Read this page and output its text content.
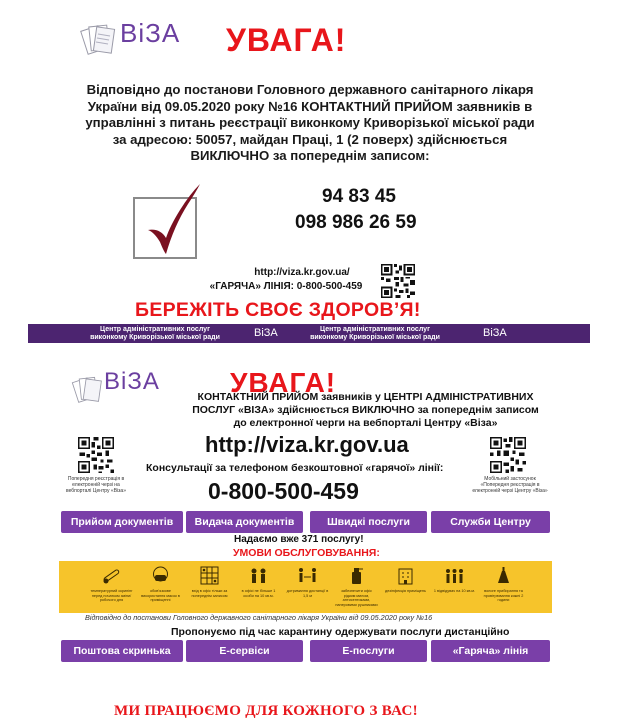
ВіЗА УВАГА!
Відповідно до постанови Головного державного санітарного лікаря
України від 09.05.2020 року №16 КОНТАКТНИЙ ПРИЙОМ заявників в
управлінні з питань реєстрації виконкому Криворізької міської ради
за адресою: 50057, майдан Праці, 1 (2 поверх) здійснюється
ВИКЛЮЧНО за попереднім записом:
94 83 45
098 986 26 59
http://viza.kr.gov.ua/
«ГАРЯЧА» ЛІНІЯ: 0-800-500-459
БЕРЕЖІТЬ СВОЄ ЗДОРОВ’Я!
Центр адміністративних послуг
виконкому Криворізької міської ради	ВіЗА	Центр адміністративних послуг
виконкому Криворізької міської ради	ВіЗА
ВіЗА	УВАГА!
КОНТАКТНИЙ ПРИЙОМ заявників у ЦЕНТРІ АДМІНІСТРАТИВНИХ
ПОСЛУГ «ВІЗА» здійснюється ВИКЛЮЧНО за попереднім записом
до електронної черги на вебпорталі Центру «Віза»
Попередня реєстрація в електронній черзі на вебпорталі Центру «Віза»
Мобільний застосунок «Попередня реєстрація в електронній черзі Центру «Віза»
http://viza.kr.gov.ua
Консультації за телефоном безкоштовної «гарячої» лінії:
0-800-500-459
Прийом документів	Видача документів	Швидкі послуги	Служби Центру
Надаємо вже 371 послугу!
УМОВИ ОБСЛУГОВУВАННЯ:
температурний скринінг перед початком зміни/ робочого дня
обов’язкове використання масок в приміщенні
вхід в офіс тільки за попереднім записом
в офісі не більше 1 особи на 10 кв.м.
дотримання дистанції в 1,5 м
забезпечити офіс рідким милом, антисептиками, паперовими рушниками
дезінфекція приміщень 1 відвідувач на 10 кв.м.	вологе прибирання та провітрювання кожні 2 години
Відповідно до постанови Головного державного санітарного лікаря України від 09.05.2020 року №16
Пропонуємо під час карантину одержувати послуги дистанційно
Поштова скринька	Е-сервіси	Е-послуги	«Гаряча» лінія
МИ ПРАЦЮЄМО ДЛЯ КОЖНОГО З ВАС!
